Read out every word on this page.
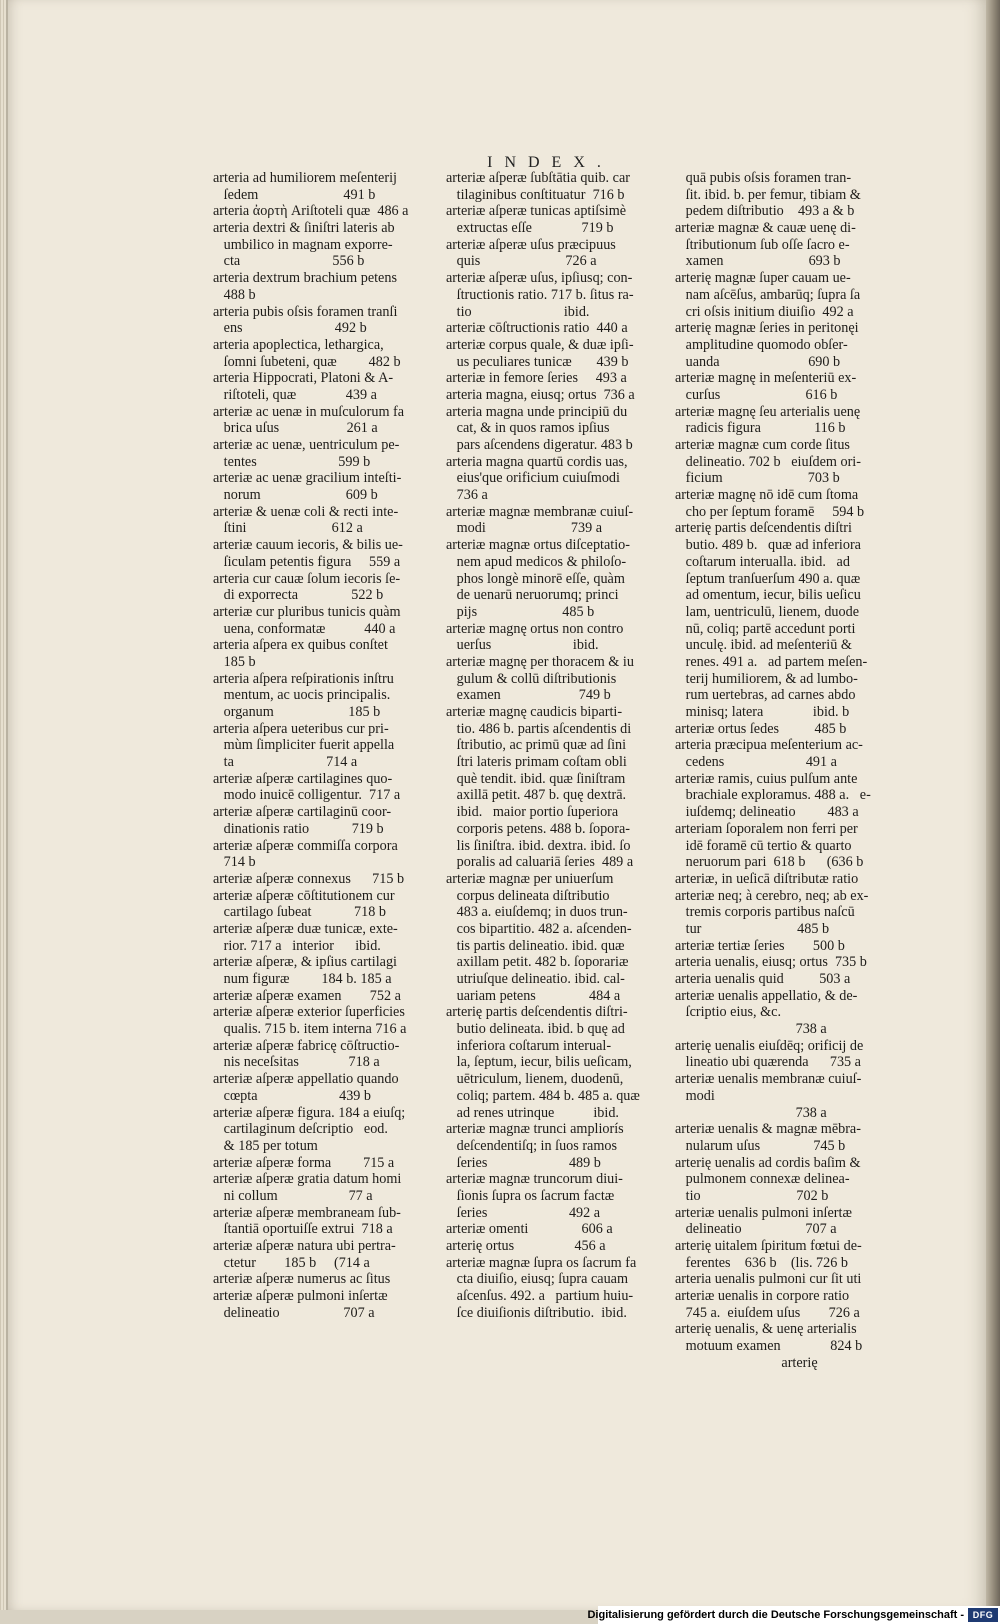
INDEX.
arteria ad humiliorem meſenterij
ſedem                        491 b
arteria ἀορτὴ Ariſtoteli quæ  486 a
arteria dextri & ſiniſtri lateris ab
umbilico in magnam exporre-
cta                          556 b
arteria dextrum brachium petens
488 b
arteria pubis oſsis foramen tranſi
ens                          492 b
arteria apoplectica, lethargica,
ſomni ſubeteni, quæ         482 b
arteria Hippocrati, Platoni & A-
riſtoteli, quæ              439 a
arteriæ ac uenæ in muſculorum fa
brica uſus                   261 a
arteriæ ac uenæ, uentriculum pe-
tentes                       599 b
arteriæ ac uenæ gracilium inteſti-
norum                        609 b
arteriæ & uenæ coli & recti inte-
ſtini                        612 a
arteriæ cauum iecoris, & bilis ue-
ſiculam petentis figura     559 a
arteria cur cauæ ſolum iecoris ſe-
di exporrecta               522 b
arteriæ cur pluribus tunicis quàm
uena, conformatæ           440 a
arteria aſpera ex quibus conſtet
185 b
arteria aſpera reſpirationis inſtru
mentum, ac uocis principalis.
organum                     185 b
arteria aſpera ueteribus cur pri-
mùm ſimpliciter fuerit appella
ta                          714 a
arteriæ aſperæ cartilagines quo-
modo inuicē colligentur.  717 a
arteriæ aſperæ cartilaginū coor-
dinationis ratio            719 b
arteriæ aſperæ commiſſa corpora
714 b
arteriæ aſperæ connexus      715 b
arteriæ aſperæ cōſtitutionem cur
cartilago ſubeat            718 b
arteriæ aſperæ duæ tunicæ, exte-
rior. 717 a   interior      ibid.
arteriæ aſperæ, & ipſius cartilagi
num figuræ         184 b. 185 a
arteriæ aſperæ examen        752 a
arteriæ aſperæ exterior ſuperficies
qualis. 715 b. item interna 716 a
arteriæ aſperæ fabricę cōſtructio-
nis neceſsitas              718 a
arteriæ aſperæ appellatio quando
cœpta                       439 b
arteriæ aſperæ figura. 184 a eiuſq;
cartilaginum deſcriptio   eod.
& 185 per totum
arteriæ aſperæ forma         715 a
arteriæ aſperæ gratia datum homi
ni collum                    77 a
arteriæ aſperæ membraneam ſub-
ſtantiā oportuiſſe extrui  718 a
arteriæ aſperæ natura ubi pertra-
ctetur        185 b     (714 a
arteriæ aſperæ numerus ac ſitus
arteriæ aſperæ pulmoni inſertæ
delineatio                  707 a
arteriæ aſperæ ſubſtātia quib. car
tilaginibus conſtituatur  716 b
arteriæ aſperæ tunicas aptiſsimè
extructas eſſe              719 b
arteriæ aſperæ uſus præcipuus
quis                        726 a
arteriæ aſperæ uſus, ipſiusq; con-
ſtructionis ratio. 717 b. ſitus ra-
tio                          ibid.
arteriæ cōſtructionis ratio  440 a
arteriæ corpus quale, & duæ ipſi-
us peculiares tunicæ       439 b
arteriæ in femore ſeries     493 a
arteria magna, eiusq; ortus  736 a
arteria magna unde principiū du
cat, & in quos ramos ipſius
pars aſcendens digeratur. 483 b
arteria magna quartū cordis uas,
eius'que orificium cuiuſmodi
736 a
arteriæ magnæ membranæ cuiuſ-
modi                        739 a
arteriæ magnæ ortus diſceptatio-
nem apud medicos & philoſo-
phos longè minorē eſſe, quàm
de uenarū neruorumq; princi
pijs                        485 b
arteriæ magnę ortus non contro
uerſus                       ibid.
arteriæ magnę per thoracem & iu
gulum & collū diſtributionis
examen                      749 b
arteriæ magnę caudicis biparti-
tio. 486 b. partis aſcendentis di
ſtributio, ac primū quæ ad ſini
ſtri lateris primam coſtam obli
què tendit. ibid. quæ ſiniſtram
axillā petit. 487 b. quę dextrā.
ibid.   maior portio ſuperiora
corporis petens. 488 b. ſopora-
lis ſiniſtra. ibid. dextra. ibid. ſo
poralis ad caluariā ſeries  489 a
arteriæ magnæ per uniuerſum
corpus delineata diſtributio
483 a. eiuſdemq; in duos trun-
cos bipartitio. 482 a. aſcenden-
tis partis delineatio. ibid. quæ
axillam petit. 482 b. ſoporariæ
utriuſque delineatio. ibid. cal-
uariam petens               484 a
arterię partis deſcendentis diſtri-
butio delineata. ibid. b quę ad
inferiora coſtarum interual-
la, ſeptum, iecur, bilis ueſicam,
uētriculum, lienem, duodenū,
coliq; partem. 484 b. 485 a. quæ
ad renes utrinque           ibid.
arteriæ magnæ trunci ampliorís
deſcendentiſq; in ſuos ramos
ſeries                       489 b
arteriæ magnæ truncorum diui-
ſionis ſupra os ſacrum factæ
ſeries                       492 a
arteriæ omenti               606 a
arterię ortus                 456 a
arteriæ magnæ ſupra os ſacrum fa
cta diuiſio, eiusq; ſupra cauam
aſcenſus. 492. a   partium huiu-
ſce diuiſionis diſtributio.  ibid.
quā pubis oſsis foramen tran-
ſit. ibid. b. per femur, tibiam &
pedem diſtributio    493 a & b
arteriæ magnæ & cauæ uenę di-
ſtributionum ſub oſſe ſacro e-
xamen                        693 b
arterię magnæ ſuper cauam ue-
nam aſcēſus, ambarūq; ſupra ſa
cri oſsis initium diuiſio  492 a
arterię magnæ ſeries in peritonęi
amplitudine quomodo obſer-
uanda                         690 b
arteriæ magnę in meſenteriū ex-
curſus                        616 b
arteriæ magnę ſeu arterialis uenę
radicis figura               116 b
arteriæ magnæ cum corde ſitus
delineatio. 702 b   eiuſdem ori-
ficium                        703 b
arteriæ magnę nō idē cum ſtoma
cho per ſeptum foramē     594 b
arterię partis deſcendentis diſtri
butio. 489 b.   quæ ad inferiora
coſtarum interualla. ibid.   ad
ſeptum tranſuerſum 490 a. quæ
ad omentum, iecur, bilis ueſicu
lam, uentriculū, lienem, duode
nū, coliq; partē accedunt porti
unculę. ibid. ad meſenteriū &
renes. 491 a.   ad partem meſen-
terij humiliorem, & ad lumbo-
rum uertebras, ad carnes abdo
minisq; latera              ibid. b
arteriæ ortus ſedes          485 b
arteria præcipua meſenterium ac-
cedens                       491 a
arteriæ ramis, cuius pulſum ante
brachiale exploramus. 488 a.   e-
iuſdemq; delineatio         483 a
arteriam ſoporalem non ferri per
idē foramē cū tertio & quarto
neruorum pari  618 b      (636 b
arteriæ, in ueſicā diſtributæ ratio
arteriæ neq; à cerebro, neq; ab ex-
tremis corporis partibus naſcū
tur                           485 b
arteriæ tertiæ ſeries        500 b
arteria uenalis, eiusq; ortus  735 b
arteria uenalis quid          503 a
arteriæ uenalis appellatio, & de-
ſcriptio eius, &c.
738 a
arterię uenalis eiuſdēq; orificij de
lineatio ubi quærenda      735 a
arteriæ uenalis membranæ cuiuſ-
modi
738 a
arteriæ uenalis & magnæ mēbra-
nularum uſus               745 b
arterię uenalis ad cordis baſim &
pulmonem connexæ delinea-
tio                           702 b
arteriæ uenalis pulmoni inſertæ
delineatio                  707 a
arterię uitalem ſpiritum fœtui de-
ferentes    636 b    (lis. 726 b
arteria uenalis pulmoni cur ſit uti
arteriæ uenalis in corpore ratio
745 a.  eiuſdem uſus        726 a
arterię uenalis, & uenę arterialis
motuum examen              824 b
arterię
Digitalisierung gefördert durch die Deutsche Forschungsgemeinschaft - DFG
